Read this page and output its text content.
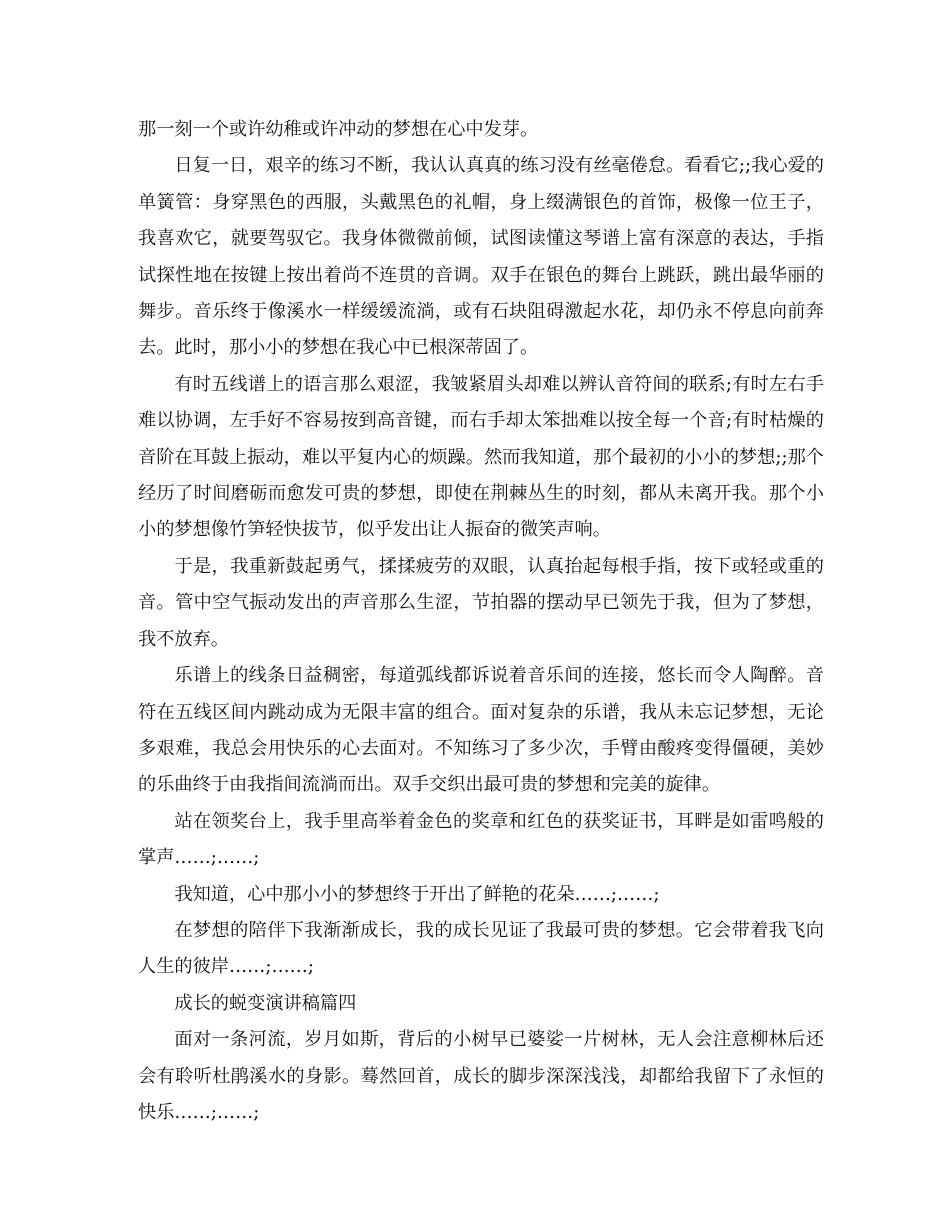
那一刻一个或许幼稚或许冲动的梦想在心中发芽。

日复一日，艰辛的练习不断，我认认真真的练习没有丝毫倦怠。看看它;;我心爱的单簧管：身穿黑色的西服，头戴黑色的礼帽，身上缀满银色的首饰，极像一位王子，我喜欢它，就要驾驭它。我身体微微前倾，试图读懂这琴谱上富有深意的表达，手指试探性地在按键上按出着尚不连贯的音调。双手在银色的舞台上跳跃，跳出最华丽的舞步。音乐终于像溪水一样缓缓流淌，或有石块阻碍激起水花，却仍永不停息向前奔去。此时，那小小的梦想在我心中已根深蒂固了。

有时五线谱上的语言那么艰涩，我皱紧眉头却难以辨认音符间的联系;有时左右手难以协调，左手好不容易按到高音键，而右手却太笨拙难以按全每一个音;有时枯燥的音阶在耳鼓上振动，难以平复内心的烦躁。然而我知道，那个最初的小小的梦想;;那个经历了时间磨砺而愈发可贵的梦想，即使在荆棘丛生的时刻，都从未离开我。那个小小的梦想像竹笋轻快拔节，似乎发出让人振奋的微笑声响。

于是，我重新鼓起勇气，揉揉疲劳的双眼，认真抬起每根手指，按下或轻或重的音。管中空气振动发出的声音那么生涩，节拍器的摆动早已领先于我，但为了梦想，我不放弃。

乐谱上的线条日益稠密，每道弧线都诉说着音乐间的连接，悠长而令人陶醉。音符在五线区间内跳动成为无限丰富的组合。面对复杂的乐谱，我从未忘记梦想，无论多艰难，我总会用快乐的心去面对。不知练习了多少次，手臂由酸疼变得僵硬，美妙的乐曲终于由我指间流淌而出。双手交织出最可贵的梦想和完美的旋律。

站在领奖台上，我手里高举着金色的奖章和红色的获奖证书，耳畔是如雷鸣般的掌声……;……;

我知道，心中那小小的梦想终于开出了鲜艳的花朵……;……;

在梦想的陪伴下我渐渐成长，我的成长见证了我最可贵的梦想。它会带着我飞向人生的彼岸……;……;

成长的蜕变演讲稿篇四

面对一条河流，岁月如斯，背后的小树早已婆娑一片树林，无人会注意柳林后还会有聆听杜鹃溪水的身影。蓦然回首，成长的脚步深深浅浅，却都给我留下了永恒的快乐……;……;
